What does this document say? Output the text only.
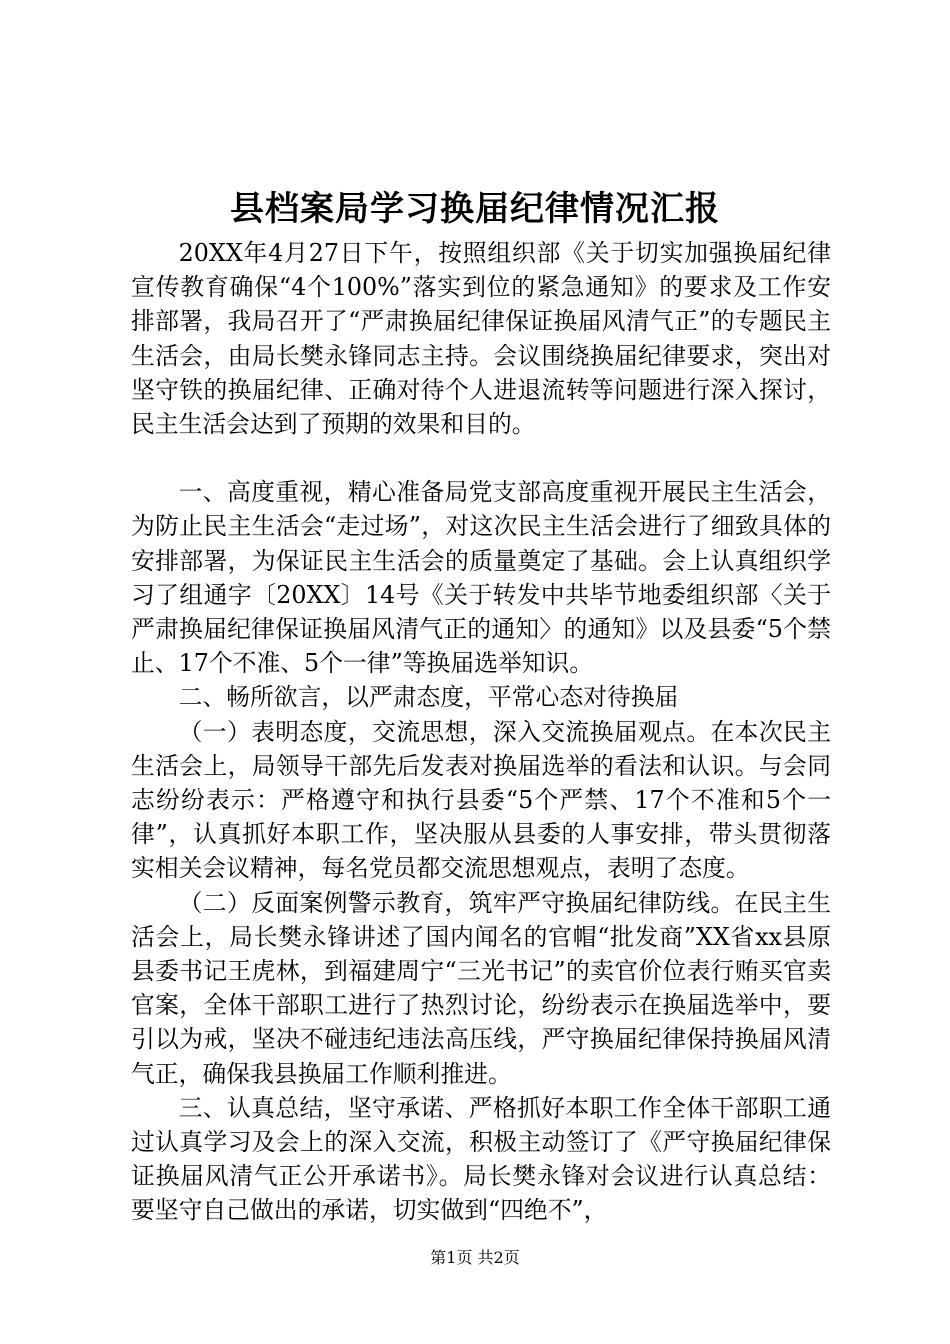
县档案局学习换届纪律情况汇报

20XX年4月27日下午，按照组织部《关于切实加强换届纪律宣传教育确保“4个100%”落实到位的紧急通知》的要求及工作安排部署，我局召开了“严肃换届纪律保证换届风清气正”的专题民主生活会，由局长樊永锋同志主持。会议围绕换届纪律要求，突出对坚守铁的换届纪律、正确对待个人进退流转等问题进行深入探讨，民主生活会达到了预期的效果和目的。

一、高度重视，精心准备局党支部高度重视开展民主生活会，为防止民主生活会“走过场”，对这次民主生活会进行了细致具体的安排部署，为保证民主生活会的质量奠定了基础。会上认真组织学习了组通字〔20XX〕14号《关于转发中共毕节地委组织部〈关于严肃换届纪律保证换届风清气正的通知〉的通知》以及县委“5个禁止、17个不准、5个一律”等换届选举知识。

二、畅所欲言，以严肃态度，平常心态对待换届

（一）表明态度，交流思想，深入交流换届观点。在本次民主生活会上，局领导干部先后发表对换届选举的看法和认识。与会同志纷纷表示：严格遵守和执行县委“5个严禁、17个不准和5个一律”，认真抓好本职工作，坚决服从县委的人事安排，带头贯彻落实相关会议精神，每名党员都交流思想观点，表明了态度。

（二）反面案例警示教育，筑牢严守换届纪律防线。在民主生活会上，局长樊永锋讲述了国内闻名的官帽“批发商”XX省xx县原县委书记王虎林，到福建周宁“三光书记”的卖官价位表行贿买官卖官案，全体干部职工进行了热烈讨论，纷纷表示在换届选举中，要引以为戒，坚决不碰违纪违法高压线，严守换届纪律保持换届风清气正，确保我县换届工作顺利推进。

三、认真总结，坚守承诺、严格抓好本职工作全体干部职工通过认真学习及会上的深入交流，积极主动签订了《严守换届纪律保证换届风清气正公开承诺书》。局长樊永锋对会议进行认真总结：要坚守自己做出的承诺，切实做到“四绝不”，

第1页 共2页
